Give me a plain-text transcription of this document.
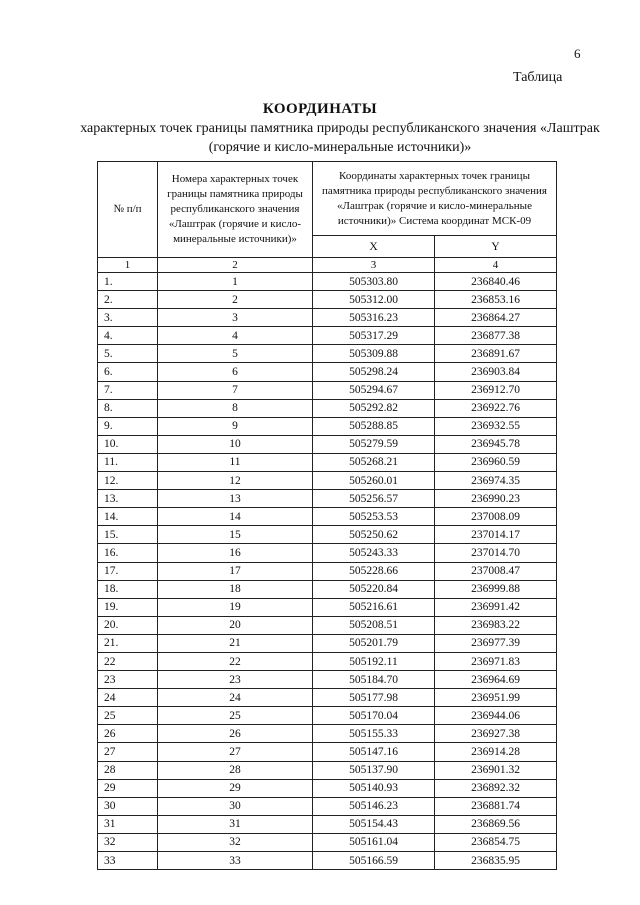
6
Таблица
КООРДИНАТЫ
характерных точек границы памятника природы республиканского значения «Лаштрак (горячие и кисло-минеральные источники)»
№ п/п	Номера характерных точек границы памятника природы республиканского значения «Лаштрак (горячие и кисло-минеральные источники)»	Координаты характерных точек границы памятника природы республиканского значения «Лаштрак (горячие и кисло-минеральные источники)» Система координат МСК-09	
		X	Y
1	2	3	4
1.	1	505303.80	236840.46
2.	2	505312.00	236853.16
3.	3	505316.23	236864.27
4.	4	505317.29	236877.38
5.	5	505309.88	236891.67
6.	6	505298.24	236903.84
7.	7	505294.67	236912.70
8.	8	505292.82	236922.76
9.	9	505288.85	236932.55
10.	10	505279.59	236945.78
11.	11	505268.21	236960.59
12.	12	505260.01	236974.35
13.	13	505256.57	236990.23
14.	14	505253.53	237008.09
15.	15	505250.62	237014.17
16.	16	505243.33	237014.70
17.	17	505228.66	237008.47
18.	18	505220.84	236999.88
19.	19	505216.61	236991.42
20.	20	505208.51	236983.22
21.	21	505201.79	236977.39
22	22	505192.11	236971.83
23	23	505184.70	236964.69
24	24	505177.98	236951.99
25	25	505170.04	236944.06
26	26	505155.33	236927.38
27	27	505147.16	236914.28
28	28	505137.90	236901.32
29	29	505140.93	236892.32
30	30	505146.23	236881.74
31	31	505154.43	236869.56
32	32	505161.04	236854.75
33	33	505166.59	236835.95
